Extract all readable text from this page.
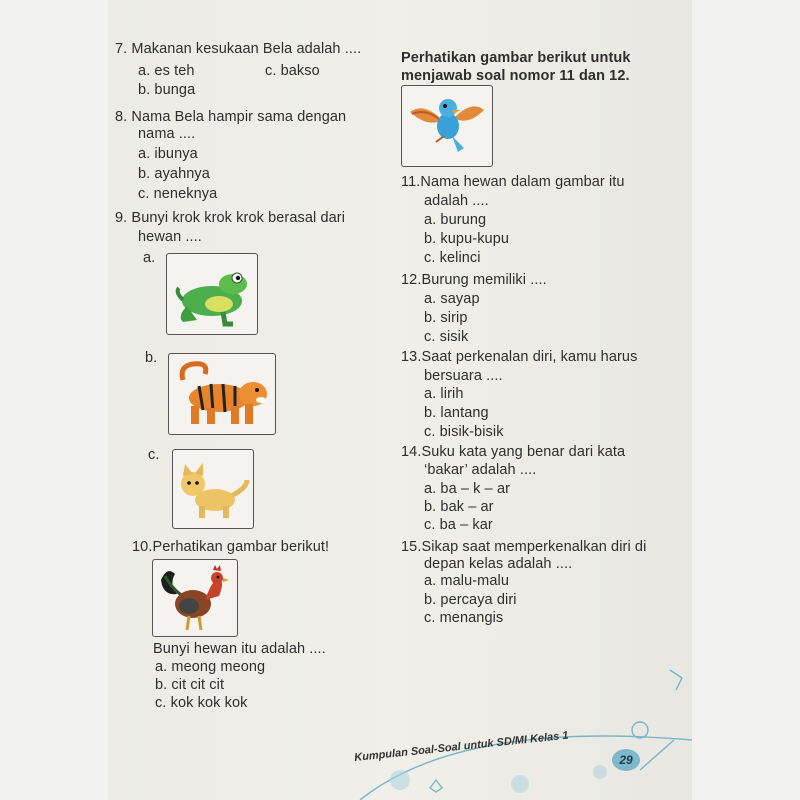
7. Makanan kesukaan Bela adalah ....
a. es teh	c. bakso
b. bunga
8. Nama Bela hampir sama dengan
nama ....
a. ibunya
b. ayahnya
c. neneknya
9. Bunyi krok krok krok berasal dari
hewan ....
a.
b.
c.
10.Perhatikan gambar berikut!
Bunyi hewan itu adalah ....
a. meong meong
b. cit cit cit
c. kok kok kok
Perhatikan gambar berikut untuk
menjawab soal nomor 11 dan 12.
11.Nama hewan dalam gambar itu
adalah ....
a. burung
b. kupu-kupu
c. kelinci
12.Burung memiliki ....
a. sayap
b. sirip
c. sisik
13.Saat perkenalan diri, kamu harus
bersuara ....
a. lirih
b. lantang
c. bisik-bisik
14.Suku kata yang benar dari kata
‘bakar’ adalah ....
a. ba – k – ar
b. bak – ar
c. ba – kar
15.Sikap saat memperkenalkan diri di
depan kelas adalah ....
a. malu-malu
b. percaya diri
c. menangis
Kumpulan Soal-Soal untuk SD/MI Kelas 1	29
